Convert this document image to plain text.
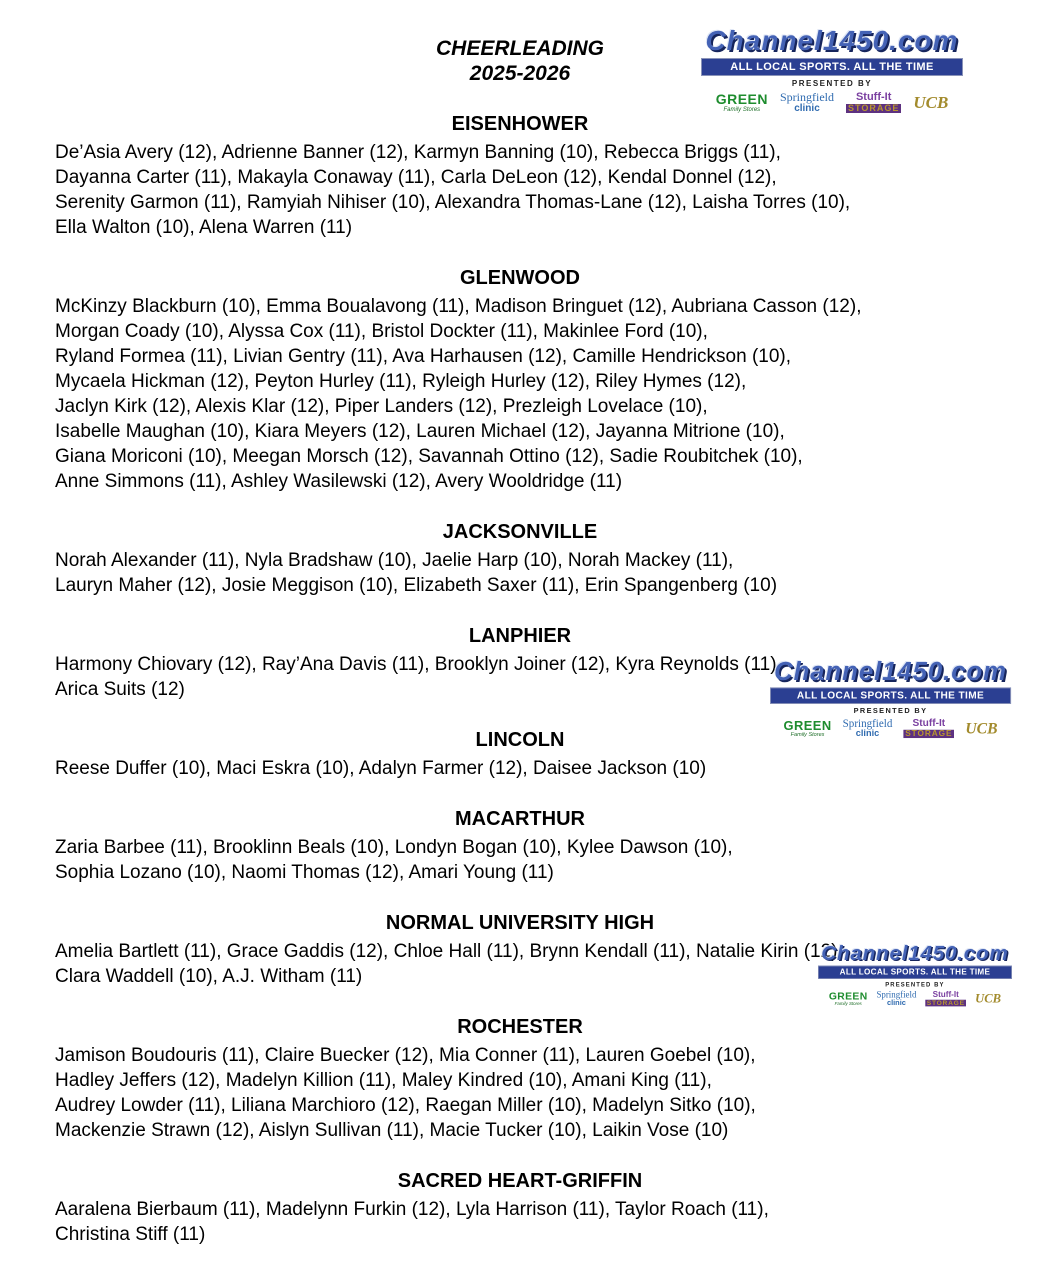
Channel1450.com
ALL LOCAL SPORTS. ALL THE TIME
PRESENTED BY
GREEN
Family Stores
Springfield
clinic
Stuff-It
STORAGE UCB
Channel1450.com
ALL LOCAL SPORTS. ALL THE TIME
PRESENTED BY
GREEN
Family Stores
Springfield
clinic
Stuff-It
STORAGE UCB
Channel1450.com
ALL LOCAL SPORTS. ALL THE TIME
PRESENTED BY
GREEN
Family Stores
Springfield
clinic
Stuff-It
STORAGE UCB
CHEERLEADING
2025-2026
EISENHOWER
De’Asia Avery (12), Adrienne Banner (12), Karmyn Banning (10), Rebecca Briggs (11),
Dayanna Carter (11), Makayla Conaway (11), Carla DeLeon (12), Kendal Donnel (12),
Serenity Garmon (11), Ramyiah Nihiser (10), Alexandra Thomas-Lane (12), Laisha Torres (10),
Ella Walton (10), Alena Warren (11)
GLENWOOD
McKinzy Blackburn (10), Emma Boualavong (11), Madison Bringuet (12), Aubriana Casson (12),
Morgan Coady (10), Alyssa Cox (11), Bristol Dockter (11), Makinlee Ford (10),
Ryland Formea (11), Livian Gentry (11), Ava Harhausen (12), Camille Hendrickson (10),
Mycaela Hickman (12), Peyton Hurley (11), Ryleigh Hurley (12), Riley Hymes (12),
Jaclyn Kirk (12), Alexis Klar (12), Piper Landers (12), Prezleigh Lovelace (10),
Isabelle Maughan (10), Kiara Meyers (12), Lauren Michael (12), Jayanna Mitrione (10),
Giana Moriconi (10), Meegan Morsch (12), Savannah Ottino (12), Sadie Roubitchek (10),
Anne Simmons (11), Ashley Wasilewski (12), Avery Wooldridge (11)
JACKSONVILLE
Norah Alexander (11), Nyla Bradshaw (10), Jaelie Harp (10), Norah Mackey (11),
Lauryn Maher (12), Josie Meggison (10), Elizabeth Saxer (11), Erin Spangenberg (10)
LANPHIER
Harmony Chiovary (12), Ray’Ana Davis (11), Brooklyn Joiner (12), Kyra Reynolds (11),
Arica Suits (12)
LINCOLN
Reese Duffer (10), Maci Eskra (10), Adalyn Farmer (12), Daisee Jackson (10)
MACARTHUR
Zaria Barbee (11), Brooklinn Beals (10), Londyn Bogan (10), Kylee Dawson (10),
Sophia Lozano (10), Naomi Thomas (12), Amari Young (11)
NORMAL UNIVERSITY HIGH
Amelia Bartlett (11), Grace Gaddis (12), Chloe Hall (11), Brynn Kendall (11), Natalie Kirin (12),
Clara Waddell (10), A.J. Witham (11)
ROCHESTER
Jamison Boudouris (11), Claire Buecker (12), Mia Conner (11), Lauren Goebel (10),
Hadley Jeffers (12), Madelyn Killion (11), Maley Kindred (10), Amani King (11),
Audrey Lowder (11), Liliana Marchioro (12), Raegan Miller (10), Madelyn Sitko (10),
Mackenzie Strawn (12), Aislyn Sullivan (11), Macie Tucker (10), Laikin Vose (10)
SACRED HEART-GRIFFIN
Aaralena Bierbaum (11), Madelynn Furkin (12), Lyla Harrison (11), Taylor Roach (11),
Christina Stiff (11)
